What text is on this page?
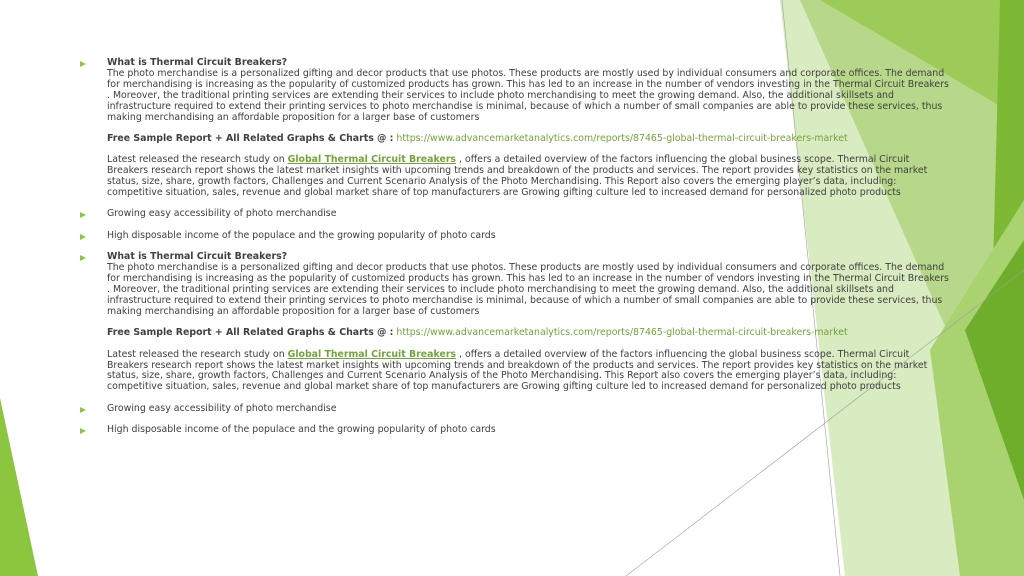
What is Thermal Circuit Breakers?
The photo merchandise is a personalized gifting and decor products that use photos. These products are mostly used by individual consumers and corporate offices. The demand for merchandising is increasing as the popularity of customized products has grown. This has led to an increase in the number of vendors investing in the Thermal Circuit Breakers . Moreover, the traditional printing services are extending their services to include photo merchandising to meet the growing demand. Also, the additional skillsets and infrastructure required to extend their printing services to photo merchandise is minimal, because of which a number of small companies are able to provide these services, thus making merchandising an affordable proposition for a larger base of customers
Free Sample Report + All Related Graphs & Charts @ : https://www.advancemarketanalytics.com/reports/87465-global-thermal-circuit-breakers-market
Latest released the research study on Global Thermal Circuit Breakers , offers a detailed overview of the factors influencing the global business scope. Thermal Circuit Breakers research report shows the latest market insights with upcoming trends and breakdown of the products and services. The report provides key statistics on the market status, size, share, growth factors, Challenges and Current Scenario Analysis of the Photo Merchandising. This Report also covers the emerging player’s data, including: competitive situation, sales, revenue and global market share of top manufacturers are Growing gifting culture led to increased demand for personalized photo products
Growing easy accessibility of photo merchandise
High disposable income of the populace and the growing popularity of photo cards
What is Thermal Circuit Breakers?
The photo merchandise is a personalized gifting and decor products that use photos. These products are mostly used by individual consumers and corporate offices. The demand for merchandising is increasing as the popularity of customized products has grown. This has led to an increase in the number of vendors investing in the Thermal Circuit Breakers . Moreover, the traditional printing services are extending their services to include photo merchandising to meet the growing demand. Also, the additional skillsets and infrastructure required to extend their printing services to photo merchandise is minimal, because of which a number of small companies are able to provide these services, thus making merchandising an affordable proposition for a larger base of customers
Free Sample Report + All Related Graphs & Charts @ : https://www.advancemarketanalytics.com/reports/87465-global-thermal-circuit-breakers-market
Latest released the research study on Global Thermal Circuit Breakers , offers a detailed overview of the factors influencing the global business scope. Thermal Circuit Breakers research report shows the latest market insights with upcoming trends and breakdown of the products and services. The report provides key statistics on the market status, size, share, growth factors, Challenges and Current Scenario Analysis of the Photo Merchandising. This Report also covers the emerging player’s data, including: competitive situation, sales, revenue and global market share of top manufacturers are Growing gifting culture led to increased demand for personalized photo products
Growing easy accessibility of photo merchandise
High disposable income of the populace and the growing popularity of photo cards
